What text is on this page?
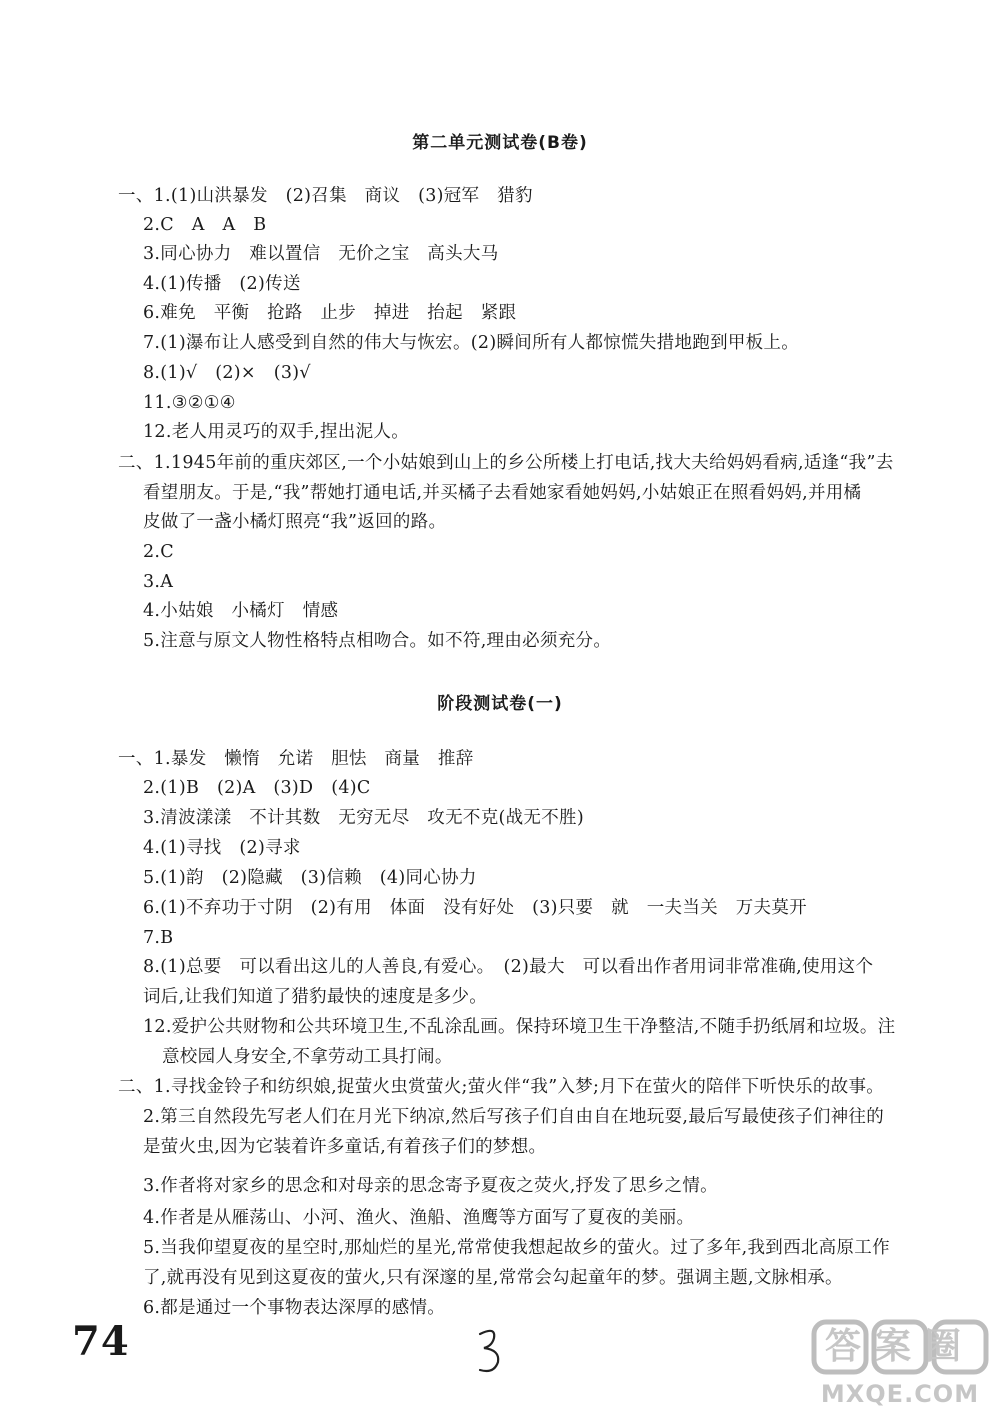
第二单元测试卷(B卷)
一、1.(1)山洪暴发　(2)召集　商议　(3)冠军　猎豹
2.C　A　A　B
3.同心协力　难以置信　无价之宝　高头大马
4.(1)传播　(2)传送
6.难免　平衡　抢路　止步　掉进　抬起　紧跟
7.(1)瀑布让人感受到自然的伟大与恢宏。(2)瞬间所有人都惊慌失措地跑到甲板上。
8.(1)√　(2)×　(3)√
11.③②①④
12.老人用灵巧的双手,捏出泥人。
二、1.1945年前的重庆郊区,一个小姑娘到山上的乡公所楼上打电话,找大夫给妈妈看病,适逢“我”去
看望朋友。于是,“我”帮她打通电话,并买橘子去看她家看她妈妈,小姑娘正在照看妈妈,并用橘
皮做了一盏小橘灯照亮“我”返回的路。
2.C
3.A
4.小姑娘　小橘灯　情感
5.注意与原文人物性格特点相吻合。如不符,理由必须充分。
阶段测试卷(一)
一、1.暴发　懒惰　允诺　胆怯　商量　推辞
2.(1)B　(2)A　(3)D　(4)C
3.清波漾漾　不计其数　无穷无尽　攻无不克(战无不胜)
4.(1)寻找　(2)寻求
5.(1)韵　(2)隐藏　(3)信赖　(4)同心协力
6.(1)不弃功于寸阴　(2)有用　体面　没有好处　(3)只要　就　一夫当关　万夫莫开
7.B
8.(1)总要　可以看出这儿的人善良,有爱心。　(2)最大　可以看出作者用词非常准确,使用这个
词后,让我们知道了猎豹最快的速度是多少。
12.爱护公共财物和公共环境卫生,不乱涂乱画。保持环境卫生干净整洁,不随手扔纸屑和垃圾。注
意校园人身安全,不拿劳动工具打闹。
二、1.寻找金铃子和纺织娘,捉萤火虫赏萤火;萤火伴“我”入梦;月下在萤火的陪伴下听快乐的故事。
2.第三自然段先写老人们在月光下纳凉,然后写孩子们自由自在地玩耍,最后写最使孩子们神往的
是萤火虫,因为它装着许多童话,有着孩子们的梦想。
3.作者将对家乡的思念和对母亲的思念寄予夏夜之荧火,抒发了思乡之情。
4.作者是从雁荡山、小河、渔火、渔船、渔鹰等方面写了夏夜的美丽。
5.当我仰望夏夜的星空时,那灿烂的星光,常常使我想起故乡的萤火。过了多年,我到西北高原工作
了,就再没有见到这夏夜的萤火,只有深邃的星,常常会勾起童年的梦。强调主题,文脉相承。
6.都是通过一个事物表达深厚的感情。
74	答案圈
MXQE.COM
